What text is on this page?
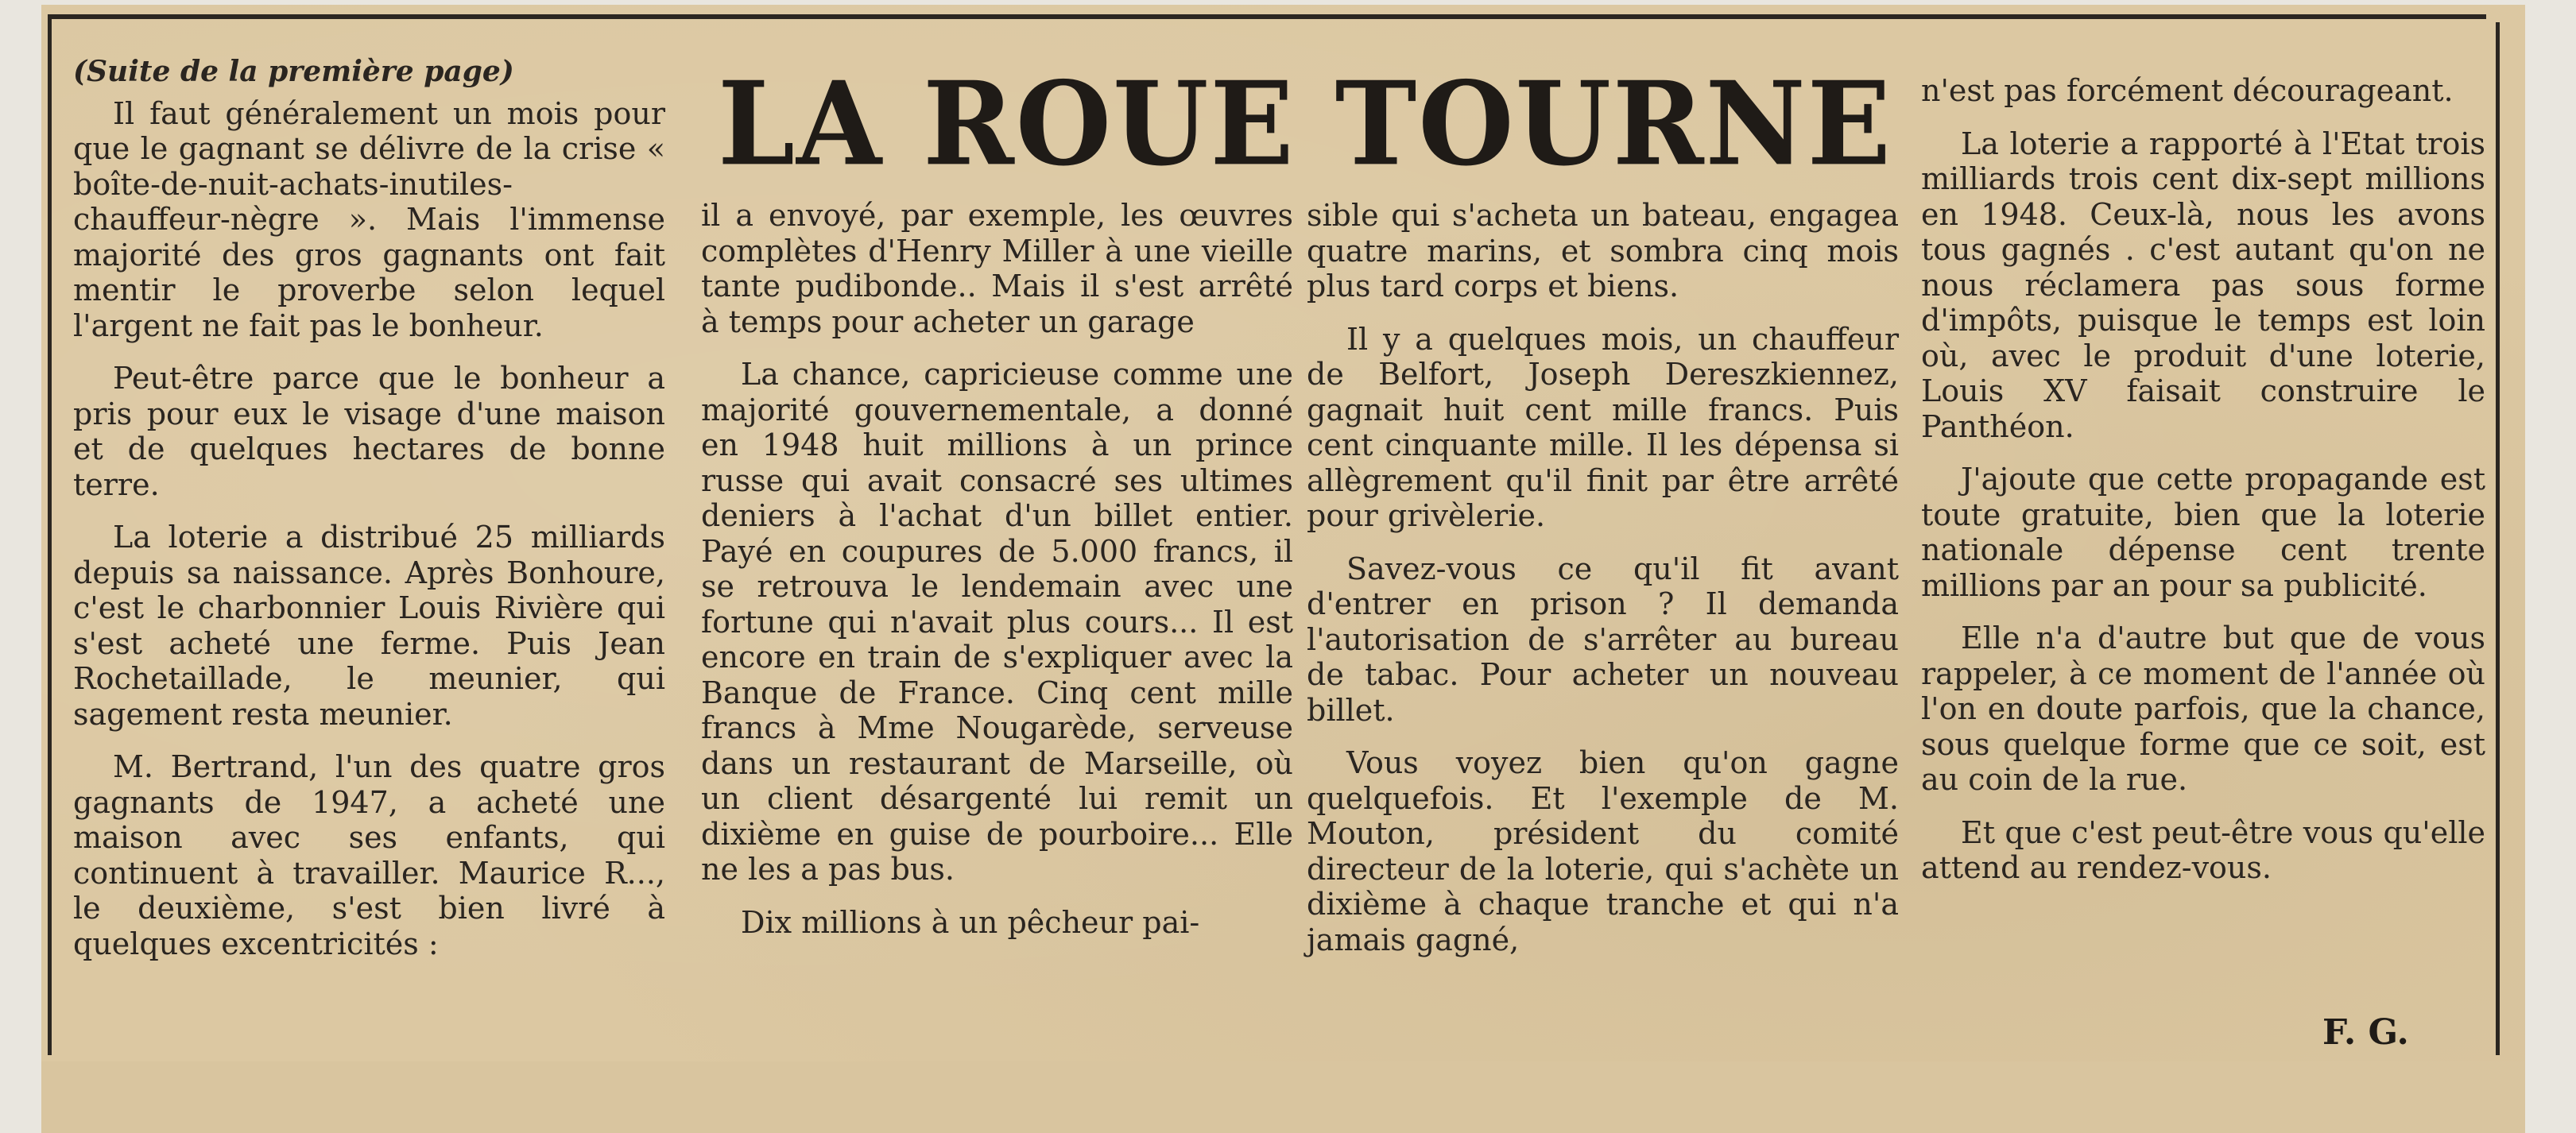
(Suite de la première page)

Il faut généralement un mois pour que le gagnant se délivre de la crise « boîte-de-nuit-achats-inutiles-chauffeur-nègre ». Mais l'immense majorité des gros gagnants ont fait mentir le proverbe selon lequel l'argent ne fait pas le bonheur.

Peut-être parce que le bonheur a pris pour eux le visage d'une maison et de quelques hectares de bonne terre.

La loterie a distribué 25 milliards depuis sa naissance. Après Bonhoure, c'est le charbonnier Louis Rivière qui s'est acheté une ferme. Puis Jean Rochetaillade, le meunier, qui sagement resta meunier.

M. Bertrand, l'un des quatre gros gagnants de 1947, a acheté une maison avec ses enfants, qui continuent à travailler. Maurice R..., le deuxième, s'est bien livré à quelques excentricités :

LA ROUE TOURNE

il a envoyé, par exemple, les œuvres complètes d'Henry Miller à une vieille tante pudibonde.. Mais il s'est arrêté à temps pour acheter un garage

La chance, capricieuse comme une majorité gouvernementale, a donné en 1948 huit millions à un prince russe qui avait consacré ses ultimes deniers à l'achat d'un billet entier. Payé en coupures de 5.000 francs, il se retrouva le lendemain avec une fortune qui n'avait plus cours... Il est encore en train de s'expliquer avec la Banque de France. Cinq cent mille francs à Mme Nougarède, serveuse dans un restaurant de Marseille, où un client désargenté lui remit un dixième en guise de pourboire... Elle ne les a pas bus.

Dix millions à un pêcheur pai-

sible qui s'acheta un bateau, engagea quatre marins, et sombra cinq mois plus tard corps et biens.

Il y a quelques mois, un chauffeur de Belfort, Joseph Dereszkiennez, gagnait huit cent mille francs. Puis cent cinquante mille. Il les dépensa si allègrement qu'il finit par être arrêté pour grivèlerie.

Savez-vous ce qu'il fit avant d'entrer en prison ? Il demanda l'autorisation de s'arrêter au bureau de tabac. Pour acheter un nouveau billet.

Vous voyez bien qu'on gagne quelquefois. Et l'exemple de M. Mouton, président du comité directeur de la loterie, qui s'achète un dixième à chaque tranche et qui n'a jamais gagné,

n'est pas forcément décourageant.

La loterie a rapporté à l'Etat trois milliards trois cent dix-sept millions en 1948. Ceux-là, nous les avons tous gagnés . c'est autant qu'on ne nous réclamera pas sous forme d'impôts, puisque le temps est loin où, avec le produit d'une loterie, Louis XV faisait construire le Panthéon.

J'ajoute que cette propagande est toute gratuite, bien que la loterie nationale dépense cent trente millions par an pour sa publicité.

Elle n'a d'autre but que de vous rappeler, à ce moment de l'année où l'on en doute parfois, que la chance, sous quelque forme que ce soit, est au coin de la rue.

Et que c'est peut-être vous qu'elle attend au rendez-vous.

F. G.
